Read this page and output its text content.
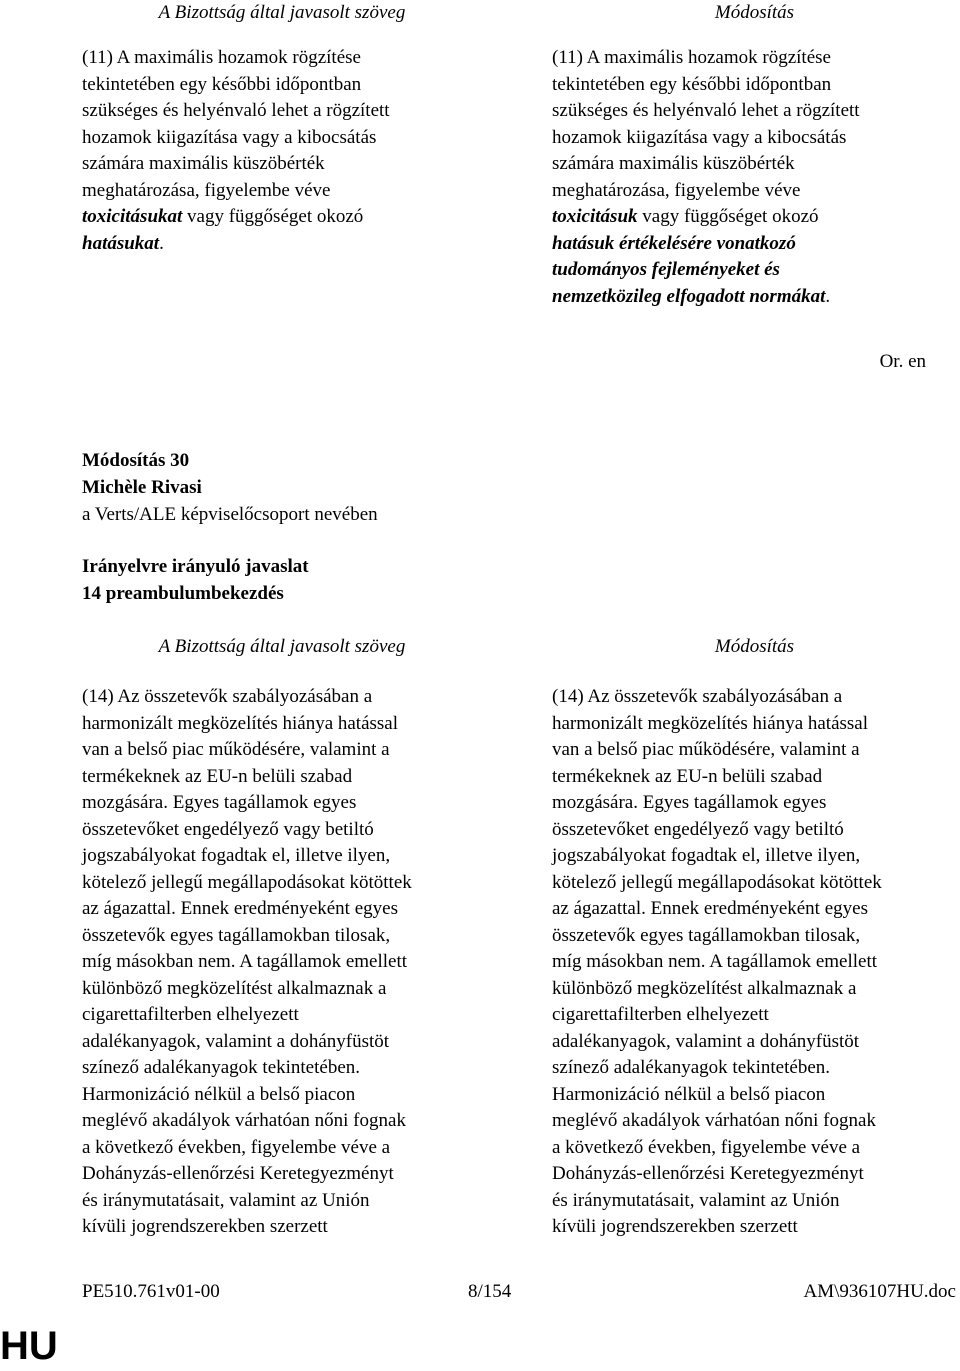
A Bizottság által javasolt szöveg	Módosítás
(11) A maximális hozamok rögzítése
tekintetében egy későbbi időpontban
szükséges és helyénvaló lehet a rögzített
hozamok kiigazítása vagy a kibocsátás
számára maximális küszöbérték
meghatározása, figyelembe véve
toxicitásukat vagy függőséget okozó
hatásukat.
(11) A maximális hozamok rögzítése
tekintetében egy későbbi időpontban
szükséges és helyénvaló lehet a rögzített
hozamok kiigazítása vagy a kibocsátás
számára maximális küszöbérték
meghatározása, figyelembe véve
toxicitásuk vagy függőséget okozó
hatásuk értékelésére vonatkozó
tudományos fejleményeket és
nemzetközileg elfogadott normákat.
Or. en
Módosítás 30
Michèle Rivasi
a Verts/ALE képviselőcsoport nevében
Irányelvre irányuló javaslat
14 preambulumbekezdés
A Bizottság által javasolt szöveg	Módosítás
(14) Az összetevők szabályozásában a
harmonizált megközelítés hiánya hatással
van a belső piac működésére, valamint a
termékeknek az EU-n belüli szabad
mozgására. Egyes tagállamok egyes
összetevőket engedélyező vagy betiltó
jogszabályokat fogadtak el, illetve ilyen,
kötelező jellegű megállapodásokat kötöttek
az ágazattal. Ennek eredményeként egyes
összetevők egyes tagállamokban tilosak,
míg másokban nem. A tagállamok emellett
különböző megközelítést alkalmaznak a
cigarettafilterben elhelyezett
adalékanyagok, valamint a dohányfüstöt
színező adalékanyagok tekintetében.
Harmonizáció nélkül a belső piacon
meglévő akadályok várhatóan nőni fognak
a következő években, figyelembe véve a
Dohányzás-ellenőrzési Keretegyezményt
és iránymutatásait, valamint az Unión
kívüli jogrendszerekben szerzett
(14) Az összetevők szabályozásában a
harmonizált megközelítés hiánya hatással
van a belső piac működésére, valamint a
termékeknek az EU-n belüli szabad
mozgására. Egyes tagállamok egyes
összetevőket engedélyező vagy betiltó
jogszabályokat fogadtak el, illetve ilyen,
kötelező jellegű megállapodásokat kötöttek
az ágazattal. Ennek eredményeként egyes
összetevők egyes tagállamokban tilosak,
míg másokban nem. A tagállamok emellett
különböző megközelítést alkalmaznak a
cigarettafilterben elhelyezett
adalékanyagok, valamint a dohányfüstöt
színező adalékanyagok tekintetében.
Harmonizáció nélkül a belső piacon
meglévő akadályok várhatóan nőni fognak
a következő években, figyelembe véve a
Dohányzás-ellenőrzési Keretegyezményt
és iránymutatásait, valamint az Unión
kívüli jogrendszerekben szerzett
PE510.761v01-00	8/154	AM\936107HU.doc
HU
